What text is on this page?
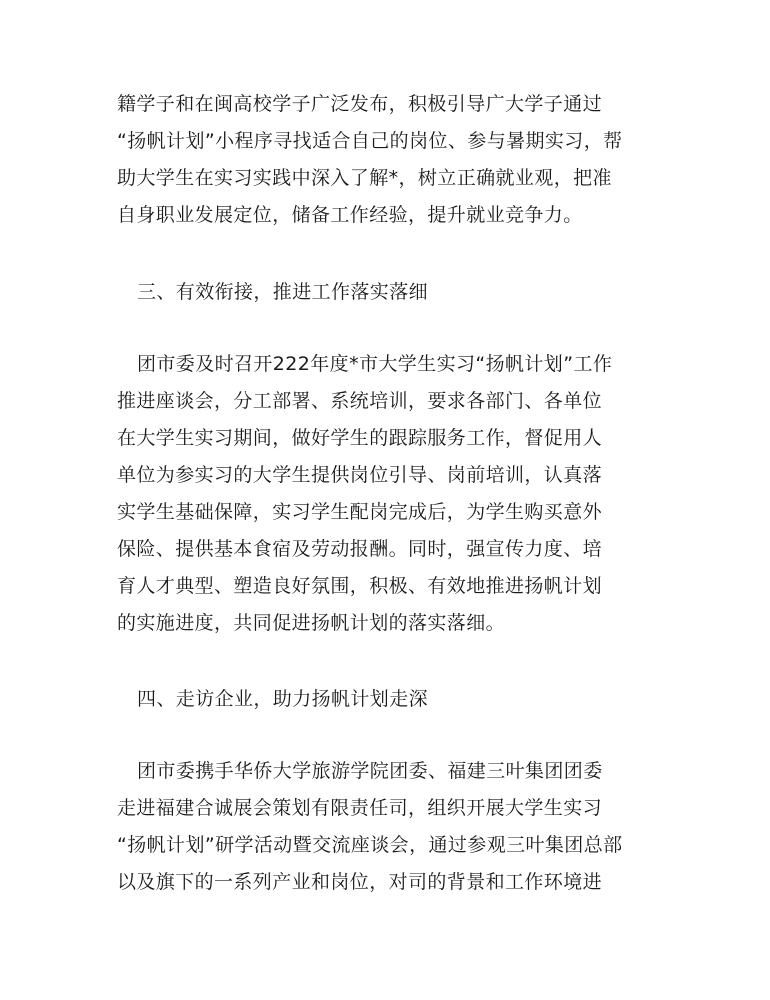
籍学子和在闽高校学子广泛发布，积极引导广大学子通过
“扬帆计划”小程序寻找适合自己的岗位、参与暑期实习，帮
助大学生在实习实践中深入了解*，树立正确就业观，把准
自身职业发展定位，储备工作经验，提升就业竞争力。
三、有效衔接，推进工作落实落细
团市委及时召开222年度*市大学生实习“扬帆计划”工作
推进座谈会，分工部署、系统培训，要求各部门、各单位
在大学生实习期间，做好学生的跟踪服务工作，督促用人
单位为参实习的大学生提供岗位引导、岗前培训，认真落
实学生基础保障，实习学生配岗完成后，为学生购买意外
保险、提供基本食宿及劳动报酬。同时，强宣传力度、培
育人才典型、塑造良好氛围，积极、有效地推进扬帆计划
的实施进度，共同促进扬帆计划的落实落细。
四、走访企业，助力扬帆计划走深
团市委携手华侨大学旅游学院团委、福建三叶集团团委
走进福建合诚展会策划有限责任司，组织开展大学生实习
“扬帆计划”研学活动暨交流座谈会，通过参观三叶集团总部
以及旗下的一系列产业和岗位，对司的背景和工作环境进
